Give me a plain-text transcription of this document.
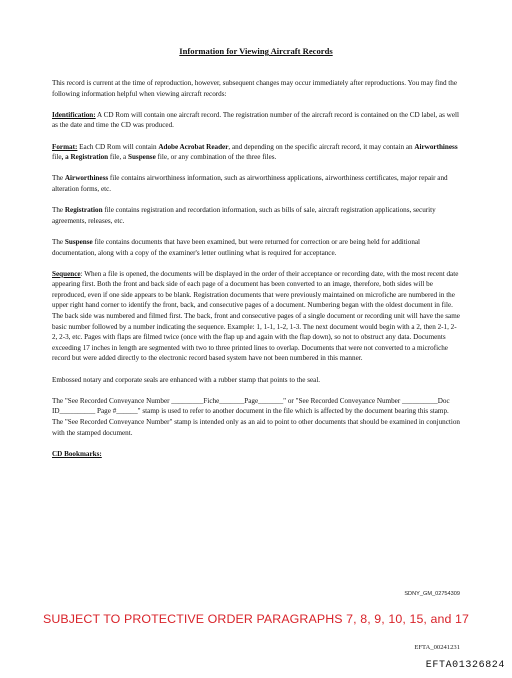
Information for Viewing Aircraft Records

This record is current at the time of reproduction, however, subsequent changes may occur immediately after reproductions. You may find the following information helpful when viewing aircraft records:

Identification: A CD Rom will contain one aircraft record. The registration number of the aircraft record is contained on the CD label, as well as the date and time the CD was produced.

Format: Each CD Rom will contain Adobe Acrobat Reader, and depending on the specific aircraft record, it may contain an Airworthiness file, a Registration file, a Suspense file, or any combination of the three files.

The Airworthiness file contains airworthiness information, such as airworthiness applications, airworthiness certificates, major repair and alteration forms, etc.

The Registration file contains registration and recordation information, such as bills of sale, aircraft registration applications, security agreements, releases, etc.

The Suspense file contains documents that have been examined, but were returned for correction or are being held for additional documentation, along with a copy of the examiner's letter outlining what is required for acceptance.

Sequence: When a file is opened, the documents will be displayed in the order of their acceptance or recording date, with the most recent date appearing first. Both the front and back side of each page of a document has been converted to an image, therefore, both sides will be reproduced, even if one side appears to be blank. Registration documents that were previously maintained on microfiche are numbered in the upper right hand corner to identify the front, back, and consecutive pages of a document. Numbering began with the oldest document in file. The back side was numbered and filmed first. The back, front and consecutive pages of a single document or recording unit will have the same basic number followed by a number indicating the sequence. Example: 1, 1-1, 1-2, 1-3. The next document would begin with a 2, then 2-1, 2-2, 2-3, etc. Pages with flaps are filmed twice (once with the flap up and again with the flap down), so not to obstruct any data. Documents exceeding 17 inches in length are segmented with two to three printed lines to overlap. Documents that were not converted to a microfiche record but were added directly to the electronic record based system have not been numbered in this manner.

Embossed notary and corporate seals are enhanced with a rubber stamp that points to the seal.

The "See Recorded Conveyance Number _________Fiche_______Page_______" or "See Recorded Conveyance Number __________Doc ID__________ Page #______" stamp is used to refer to another document in the file which is affected by the document bearing this stamp. The "See Recorded Conveyance Number" stamp is intended only as an aid to point to other documents that should be examined in conjunction with the stamped document.

CD Bookmarks:

SDNY_GM_02754309
SUBJECT TO PROTECTIVE ORDER PARAGRAPHS 7, 8, 9, 10, 15, and 17
EFTA_00241231
EFTA01326824
